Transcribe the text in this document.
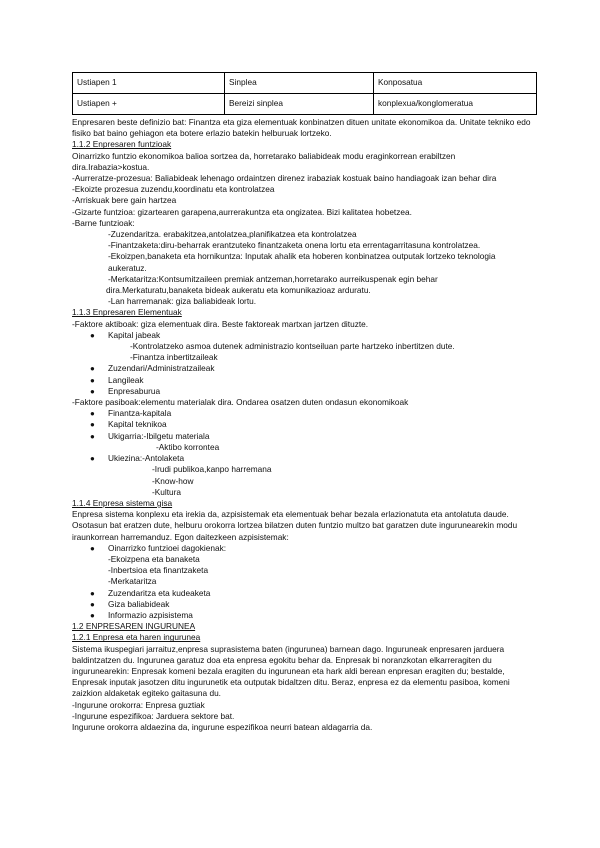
Ustiapen 1	Sinplea	Konposatua
Ustiapen +	Bereizi sinplea	konplexua/konglomeratua

Enpresaren beste definizio bat: Finantza eta giza elementuak konbinatzen dituen unitate ekonomikoa da. Unitate tekniko edo fisiko bat baino gehiagon eta botere erlazio batekin helburuak lortzeko.

1.1.2 Enpresaren funtzioak

Oinarrizko funtzio ekonomikoa balioa sortzea da, horretarako baliabideak modu eraginkorrean erabiltzen

dira.Irabazia>kostua.

-Aurreratze-prozesua: Baliabideak lehenago ordaintzen direnez irabaziak kostuak baino handiagoak izan behar dira

-Ekoizte prozesua zuzendu,koordinatu eta kontrolatzea

-Arriskuak bere gain hartzea

-Gizarte funtzioa: gizartearen garapena,aurrerakuntza eta ongizatea. Bizi kalitatea hobetzea.

-Barne funtzioak:

-Zuzendaritza. erabakitzea,antolatzea,planifikatzea eta kontrolatzea

-Finantzaketa:diru-beharrak erantzuteko finantzaketa onena lortu eta errentagarritasuna kontrolatzea.

-Ekoizpen,banaketa eta hornikuntza: Inputak ahalik eta hoberen konbinatzea outputak lortzeko teknologia

aukeratuz.

-Merkataritza:Kontsumitzaileen premiak antzeman,horretarako aurreikuspenak egin behar

dira.Merkaturatu,banaketa bideak aukeratu eta komunikazioaz arduratu.

-Lan harremanak: giza baliabideak lortu.

1.1.3 Enpresaren Elementuak

-Faktore aktiboak: giza elementuak dira. Beste faktoreak martxan jartzen dituzte.

● Kapital jabeak

-Kontrolatzeko asmoa dutenek administrazio kontseiluan parte hartzeko inbertitzen dute.

-Finantza inbertitzaileak

● Zuzendari/Administratzaileak
● Langileak
● Enpresaburua

-Faktore pasiboak:elementu materialak dira. Ondarea osatzen duten ondasun ekonomikoak

● Finantza-kapitala
● Kapital teknikoa
● Ukigarria:-Ibilgetu materiala

-Aktibo korrontea

● Ukiezina:-Antolaketa

-Irudi publikoa,kanpo harremana

-Know-how

-Kultura

1.1.4 Enpresa sistema gisa

Enpresa sistema konplexu eta irekia da, azpisistemak eta elementuak behar bezala erlazionatuta eta antolatuta daude. Osotasun bat eratzen dute, helburu orokorra lortzea bilatzen duten funtzio multzo bat garatzen dute ingurunearekin modu iraunkorrean harremanduz. Egon daitezkeen azpisistemak:

● Oinarrizko funtzioei dagokienak:

-Ekoizpena eta banaketa

-Inbertsioa eta finantzaketa

-Merkataritza

● Zuzendaritza eta kudeaketa
● Giza baliabideak
● Informazio azpisistema

1.2 ENPRESAREN INGURUNEA

1.2.1 Enpresa eta haren ingurunea

Sistema ikuspegiari jarraituz,enpresa suprasistema baten (ingurunea) barnean dago. Inguruneak enpresaren jarduera baldintzatzen du. Ingurunea garatuz doa eta enpresa egokitu behar da. Enpresak bi noranzkotan elkarreragiten du ingurunearekin: Enpresak komeni bezala eragiten du ingurunean eta hark aldi berean enpresan eragiten du; bestalde, Enpresak inputak jasotzen ditu ingurunetik eta outputak bidaltzen ditu. Beraz, enpresa ez da elementu pasiboa, komeni zaizkion aldaketak egiteko gaitasuna du.

-Ingurune orokorra: Enpresa guztiak

-Ingurune espezifikoa: Jarduera sektore bat.

Ingurune orokorra aldaezina da, ingurune espezifikoa neurri batean aldagarria da.
